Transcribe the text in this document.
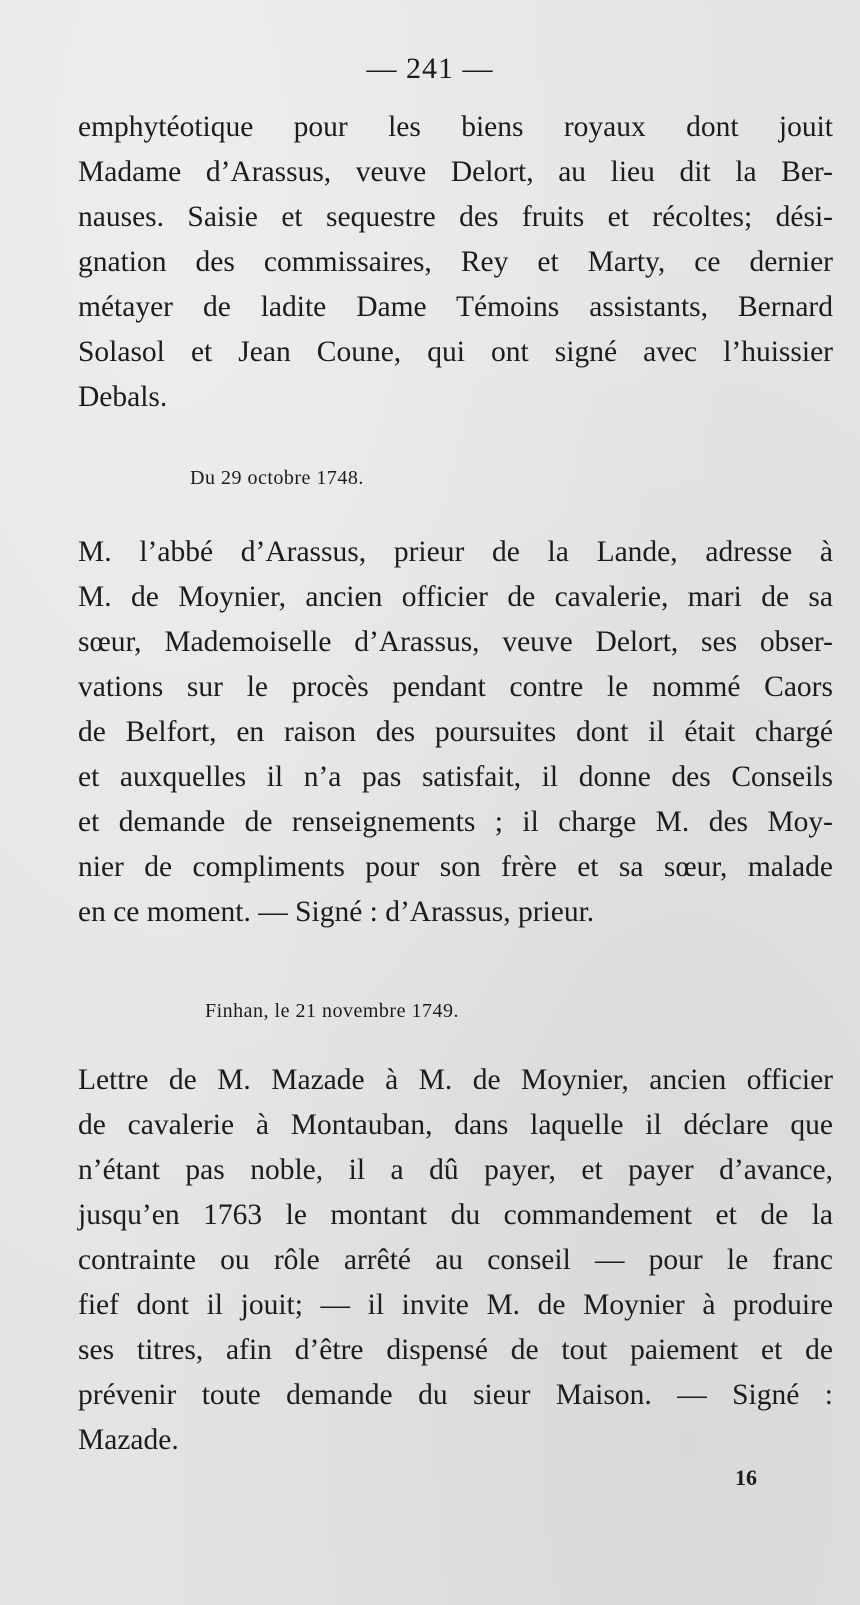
— 241 —
emphytéotique pour les biens royaux dont jouit
Madame d’Arassus, veuve Delort, au lieu dit la Ber-
nauses. Saisie et sequestre des fruits et récoltes; dési-
gnation des commissaires, Rey et Marty, ce dernier
métayer de ladite Dame Témoins assistants, Bernard
Solasol et Jean Coune, qui ont signé avec l’huissier
Debals.
Du 29 octobre 1748.
M. l’abbé d’Arassus, prieur de la Lande, adresse à
M. de Moynier, ancien officier de cavalerie, mari de sa
sœur, Mademoiselle d’Arassus, veuve Delort, ses obser-
vations sur le procès pendant contre le nommé Caors
de Belfort, en raison des poursuites dont il était chargé
et auxquelles il n’a pas satisfait, il donne des Conseils
et demande de renseignements ; il charge M. des Moy-
nier de compliments pour son frère et sa sœur, malade
en ce moment. — Signé : d’Arassus, prieur.
Finhan, le 21 novembre 1749.
Lettre de M. Mazade à M. de Moynier, ancien officier
de cavalerie à Montauban, dans laquelle il déclare que
n’étant pas noble, il a dû payer, et payer d’avance,
jusqu’en 1763 le montant du commandement et de la
contrainte ou rôle arrêté au conseil — pour le franc
fief dont il jouit; — il invite M. de Moynier à produire
ses titres, afin d’être dispensé de tout paiement et de
prévenir toute demande du sieur Maison. — Signé :
Mazade.
16
